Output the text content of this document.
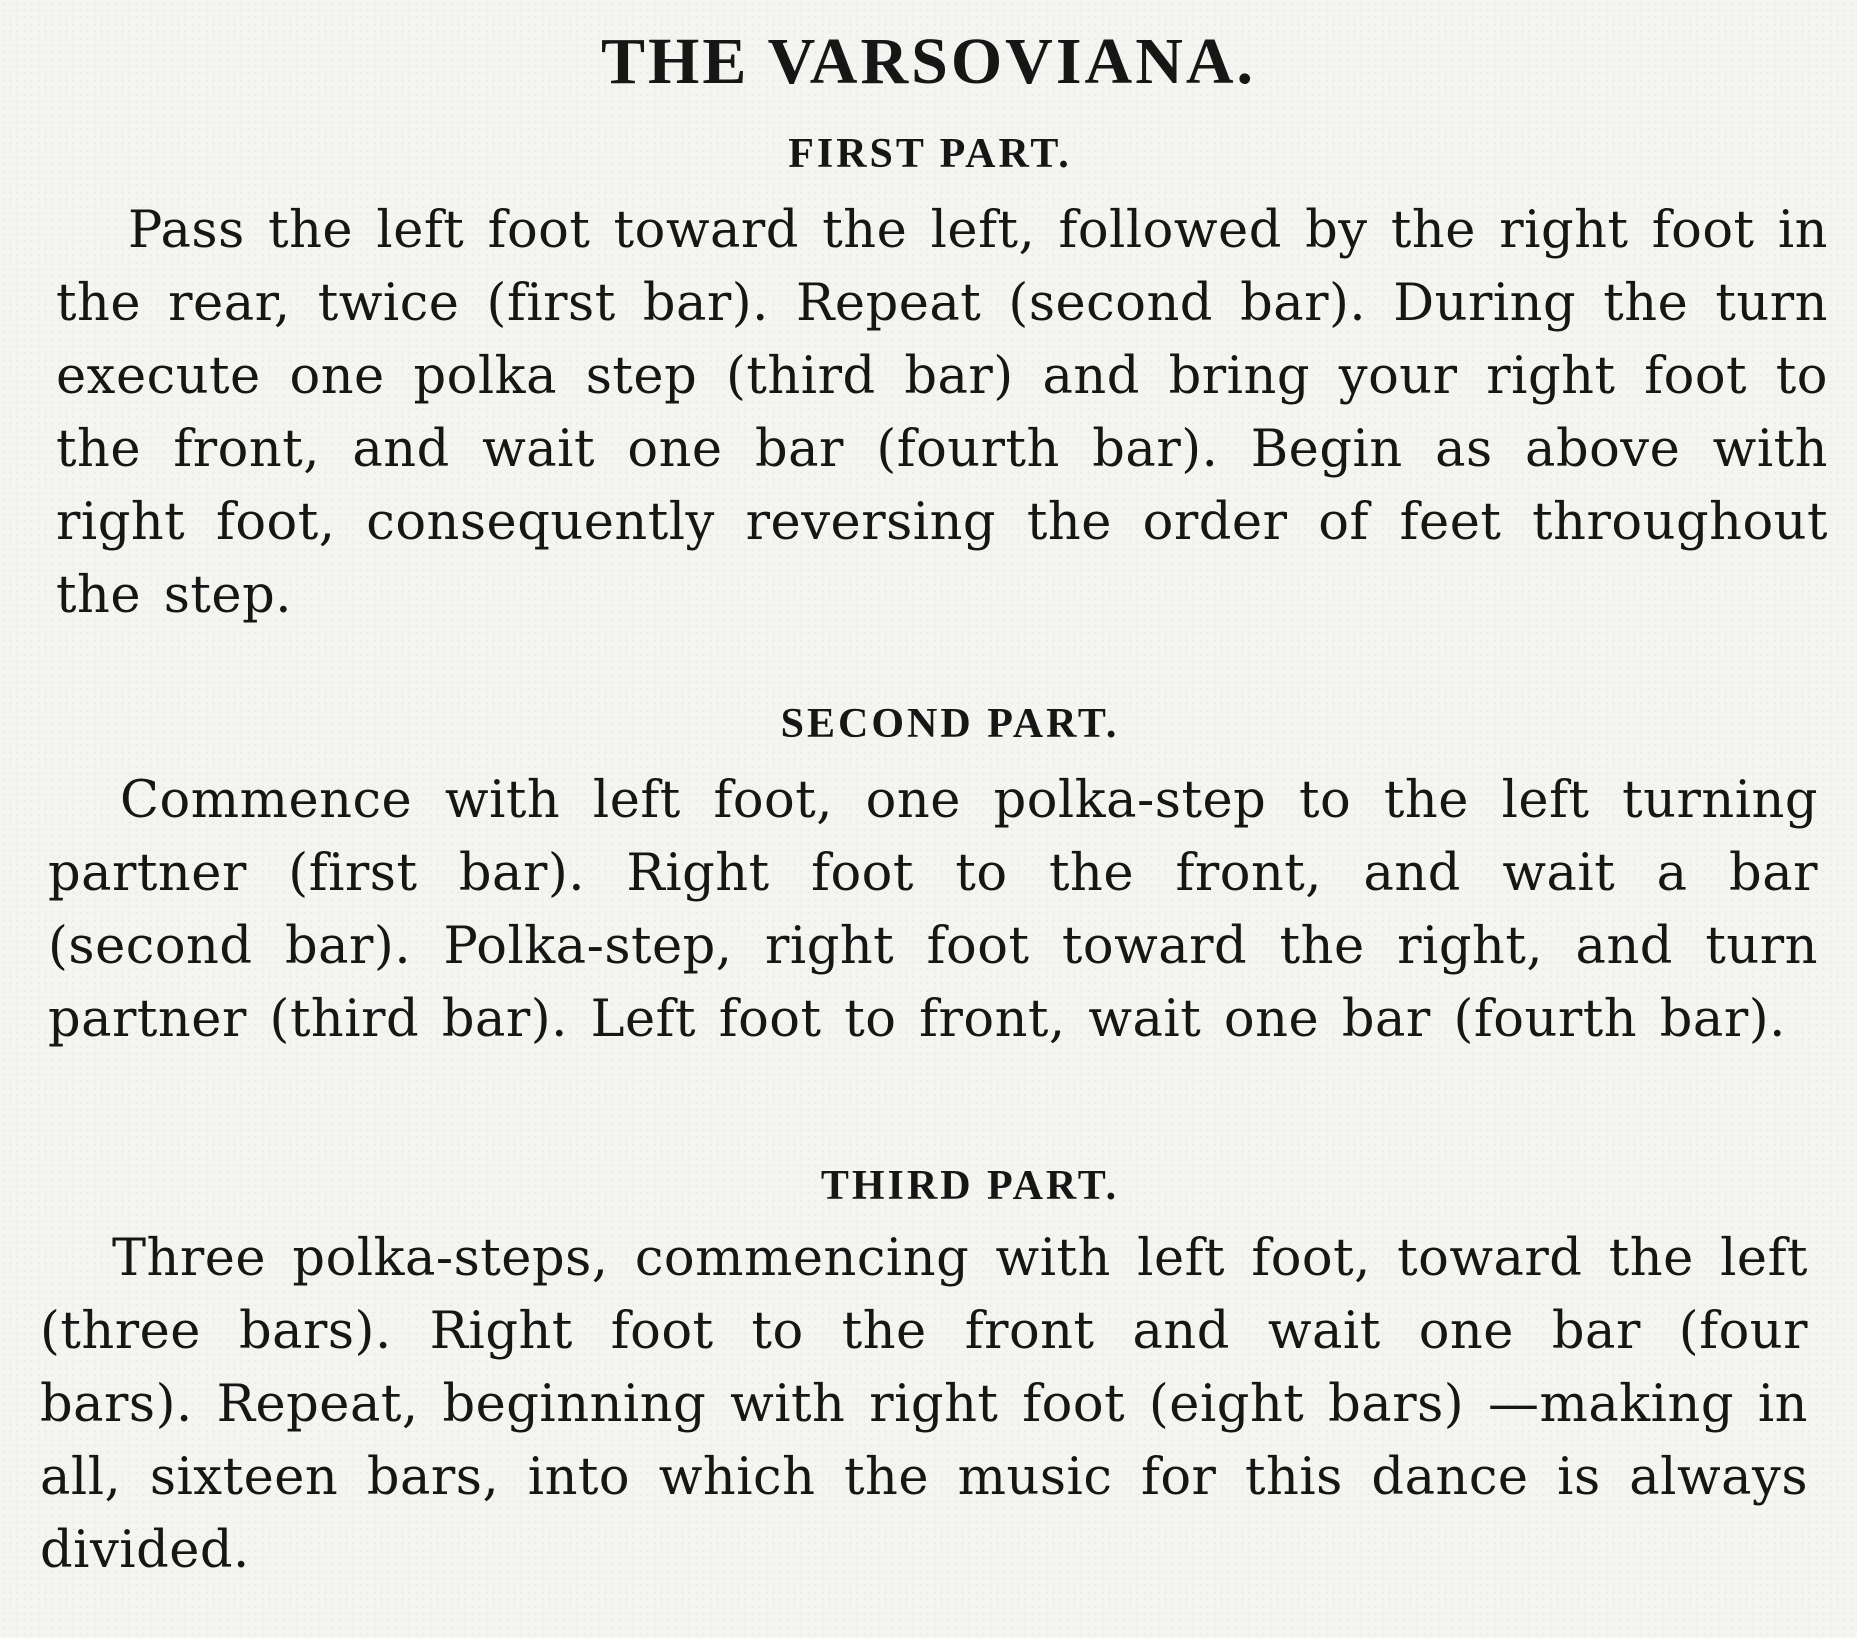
THE VARSOVIANA.
FIRST PART.

Pass the left foot toward the left, followed by the right foot in the rear, twice (first bar). Repeat (second bar). During the turn execute one polka step (third bar) and bring your right foot to the front, and wait one bar (fourth bar). Begin as above with right foot, consequently reversing the order of feet throughout the step.

SECOND PART.

Commence with left foot, one polka-step to the left turning partner (first bar). Right foot to the front, and wait a bar (second bar). Polka-step, right foot toward the right, and turn partner (third bar). Left foot to front, wait one bar (fourth bar).

THIRD PART.

Three polka-steps, commencing with left foot, toward the left (three bars). Right foot to the front and wait one bar (four bars). Repeat, beginning with right foot (eight bars) —making in all, sixteen bars, into which the music for this dance is always divided.
